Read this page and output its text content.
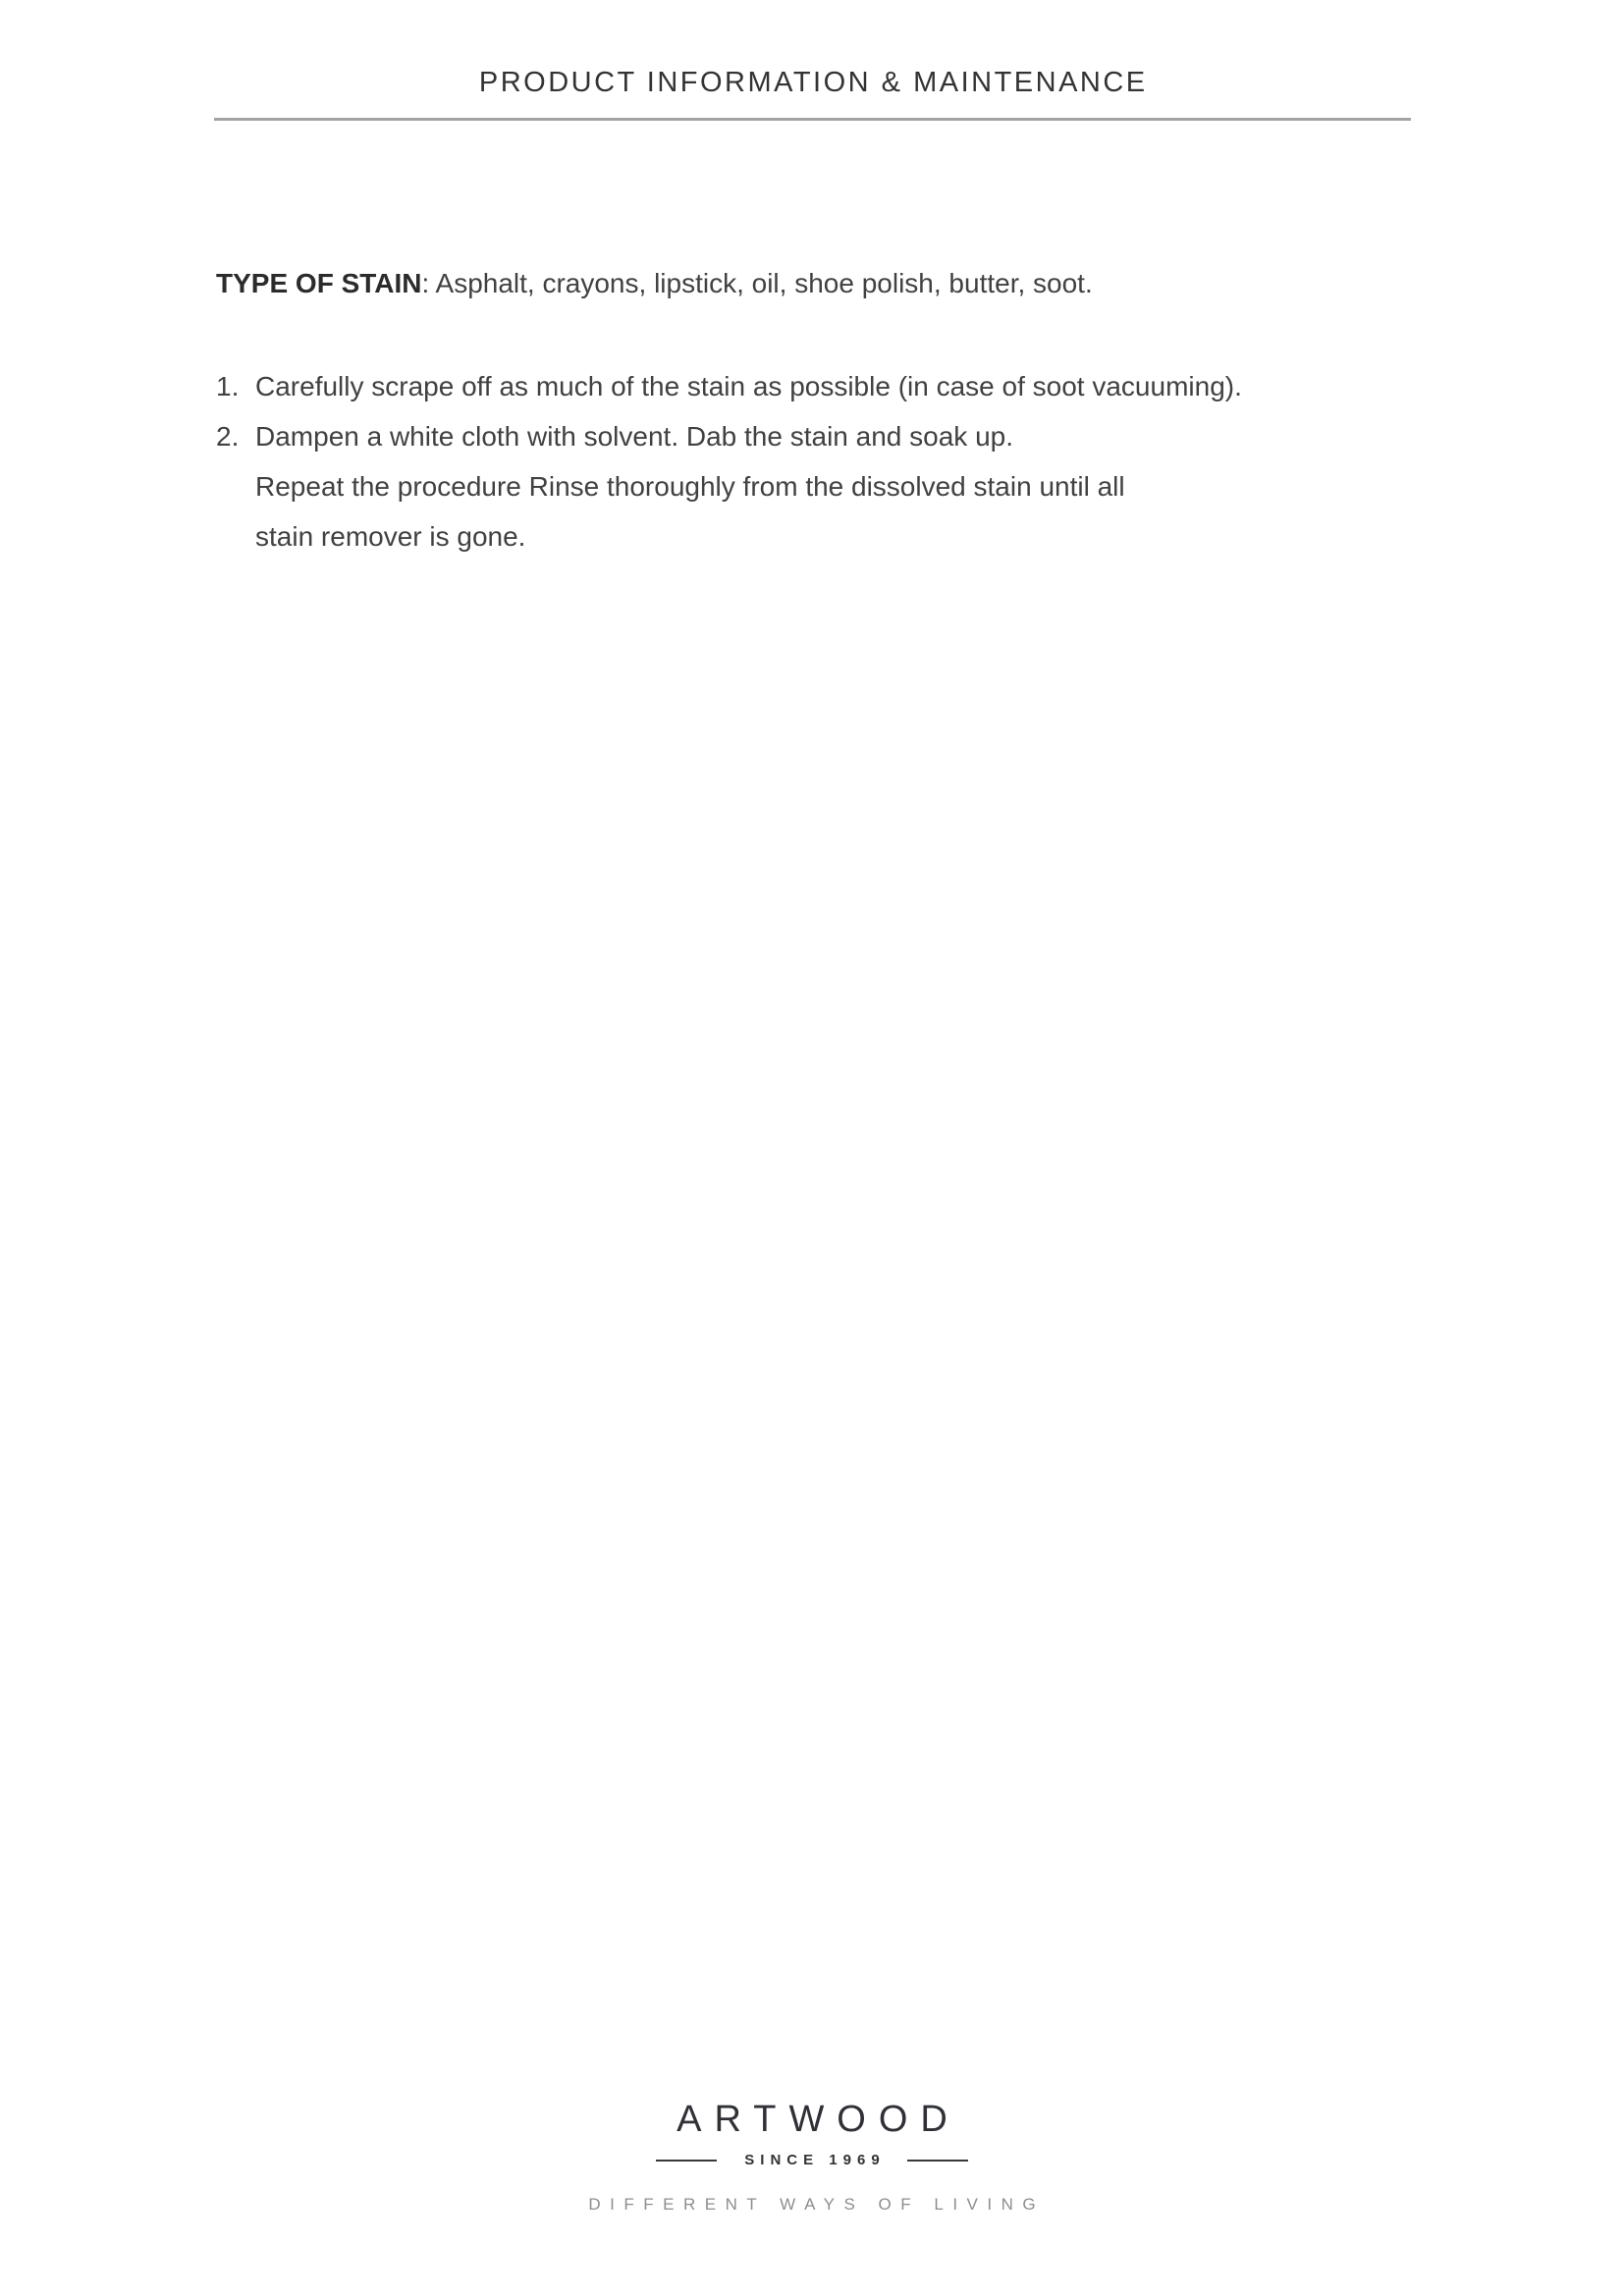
PRODUCT INFORMATION & MAINTENANCE

TYPE OF STAIN: Asphalt, crayons, lipstick, oil, shoe polish, butter, soot.

1. Carefully scrape off as much of the stain as possible (in case of soot vacuuming).
2. Dampen a white cloth with solvent. Dab the stain and soak up.
Repeat the procedure Rinse thoroughly from the dissolved stain until all
stain remover is gone.
ARTWOOD
SINCE 1969
DIFFERENT WAYS OF LIVING
